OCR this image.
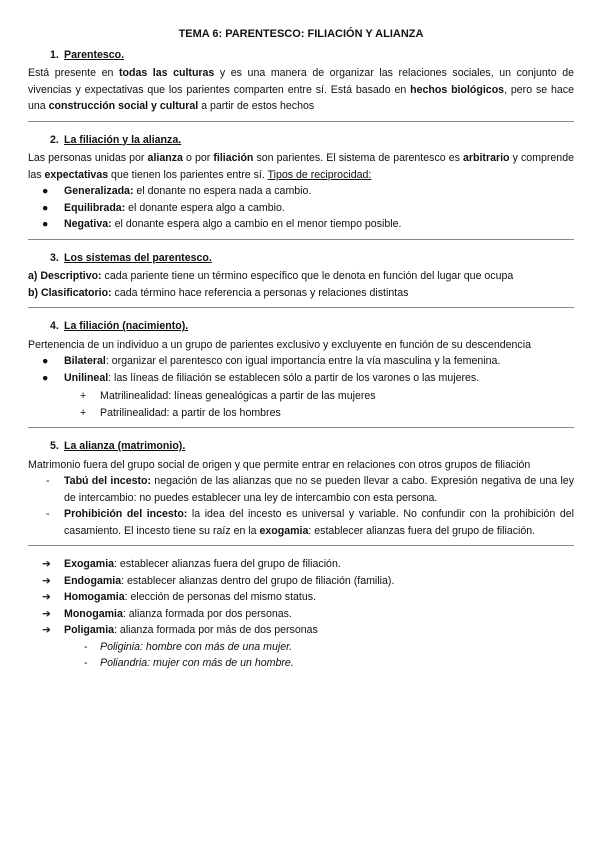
TEMA 6: PARENTESCO: FILIACIÓN Y ALIANZA
1. Parentesco.

Está presente en todas las culturas y es una manera de organizar las relaciones sociales, un conjunto de vivencias y expectativas que los parientes comparten entre sí. Está basado en hechos biológicos, pero se hace una construcción social y cultural a partir de estos hechos

2. La filiación y la alianza.

Las personas unidas por alianza o por filiación son parientes. El sistema de parentesco es arbitrario y comprende las expectativas que tienen los parientes entre sí. Tipos de reciprocidad:

● Generalizada: el donante no espera nada a cambio.
● Equilibrada: el donante espera algo a cambio.
● Negativa: el donante espera algo a cambio en el menor tiempo posible.
3. Los sistemas del parentesco.

a) Descriptivo: cada pariente tiene un término específico que le denota en función del lugar que ocupa

b) Clasificatorio: cada término hace referencia a personas y relaciones distintas

4. La filiación (nacimiento).

Pertenencia de un individuo a un grupo de parientes exclusivo y excluyente en función de su descendencia

● Bilateral: organizar el parentesco con igual importancia entre la vía masculina y la femenina.
● Unilineal: las líneas de filiación se establecen sólo a partir de los varones o las mujeres.
+ Matrilinealidad: líneas genealógicas a partir de las mujeres
+ Patrilinealidad: a partir de los hombres
5. La alianza (matrimonio).

Matrimonio fuera del grupo social de origen y que permite entrar en relaciones con otros grupos de filiación

- Tabú del incesto: negación de las alianzas que no se pueden llevar a cabo. Expresión negativa de una ley de intercambio: no puedes establecer una ley de intercambio con esta persona.
- Prohibición del incesto: la idea del incesto es universal y variable. No confundir con la prohibición del casamiento. El incesto tiene su raíz en la exogamia: establecer alianzas fuera del grupo de filiación.
➔ Exogamia: establecer alianzas fuera del grupo de filiación.
➔ Endogamia: establecer alianzas dentro del grupo de filiación (familia).
➔ Homogamia: elección de personas del mismo status.
➔ Monogamia: alianza formada por dos personas.
➔ Poligamia: alianza formada por más de dos personas
- Poliginia: hombre con más de una mujer.
- Poliandria: mujer con más de un hombre.
